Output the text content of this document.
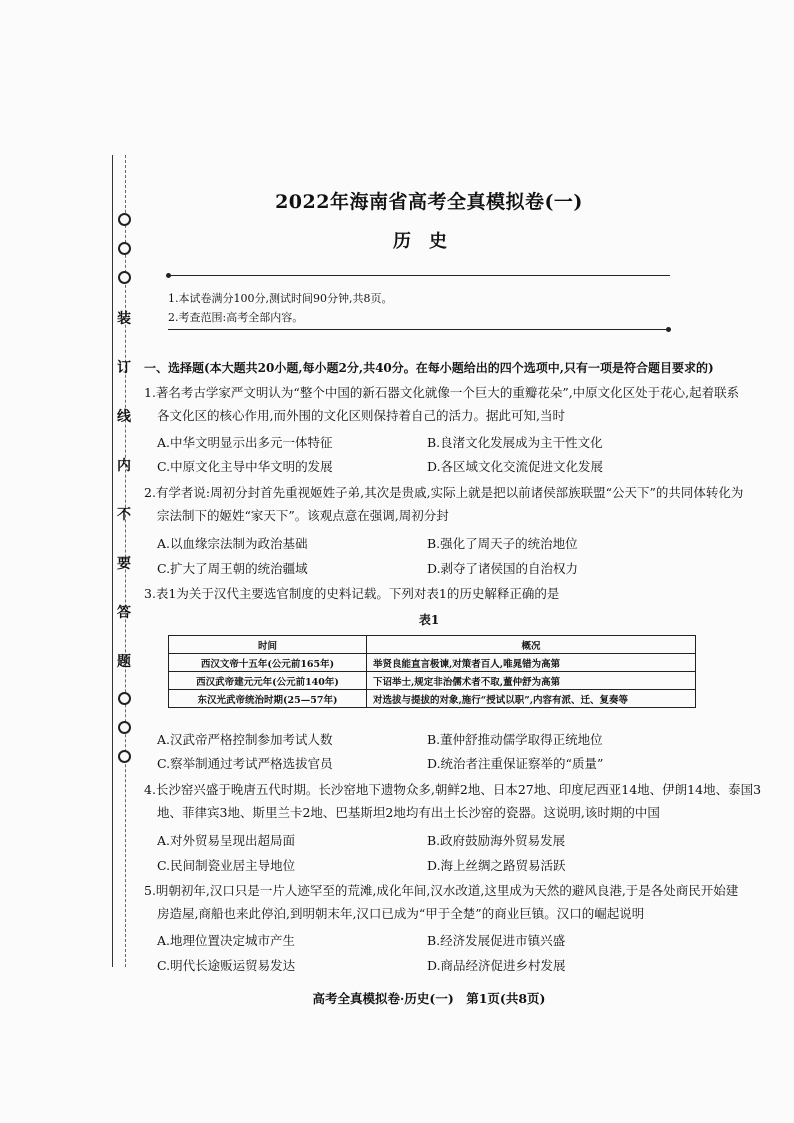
装
订
线
内
不
要
答
题
2022年海南省高考全真模拟卷(一)
历史
1.本试卷满分100分,测试时间90分钟,共8页。
2.考查范围:高考全部内容。
一、选择题(本大题共20小题,每小题2分,共40分。在每小题给出的四个选项中,只有一项是符合题目要求的)
1.著名考古学家严文明认为“整个中国的新石器文化就像一个巨大的重瓣花朵”,中原文化区处于花心,起着联系
各文化区的核心作用,而外围的文化区则保持着自己的活力。据此可知,当时
A.中华文明显示出多元一体特征	B.良渚文化发展成为主干性文化
C.中原文化主导中华文明的发展	D.各区域文化交流促进文化发展
2.有学者说:周初分封首先重视姬姓子弟,其次是贵戚,实际上就是把以前诸侯部族联盟“公天下”的共同体转化为
宗法制下的姬姓“家天下”。该观点意在强调,周初分封
A.以血缘宗法制为政治基础	B.强化了周天子的统治地位
C.扩大了周王朝的统治疆域	D.剥夺了诸侯国的自治权力
3.表1为关于汉代主要选官制度的史料记载。下列对表1的历史解释正确的是
表1
时间	概况
西汉文帝十五年(公元前165年)	举贤良能直言极谏,对策者百人,唯晁错为高第
西汉武帝建元元年(公元前140年)	下诏举士,规定非治儒术者不取,董仲舒为高第
东汉光武帝统治时期(25—57年)	对选拔与提拔的对象,施行“授试以职”,内容有派、迁、复奏等
A.汉武帝严格控制参加考试人数	B.董仲舒推动儒学取得正统地位
C.察举制通过考试严格选拔官员	D.统治者注重保证察举的“质量”
4.长沙窑兴盛于晚唐五代时期。长沙窑地下遗物众多,朝鲜2地、日本27地、印度尼西亚14地、伊朗14地、泰国3
地、菲律宾3地、斯里兰卡2地、巴基斯坦2地均有出土长沙窑的瓷器。这说明,该时期的中国
A.对外贸易呈现出超局面	B.政府鼓励海外贸易发展
C.民间制瓷业居主导地位	D.海上丝绸之路贸易活跃
5.明朝初年,汉口只是一片人迹罕至的荒滩,成化年间,汉水改道,这里成为天然的避风良港,于是各处商民开始建
房造屋,商船也来此停泊,到明朝末年,汉口已成为“甲于全楚”的商业巨镇。汉口的崛起说明
A.地理位置决定城市产生	B.经济发展促进市镇兴盛
C.明代长途贩运贸易发达	D.商品经济促进乡村发展
高考全真模拟卷·历史(一)　第1页(共8页)
